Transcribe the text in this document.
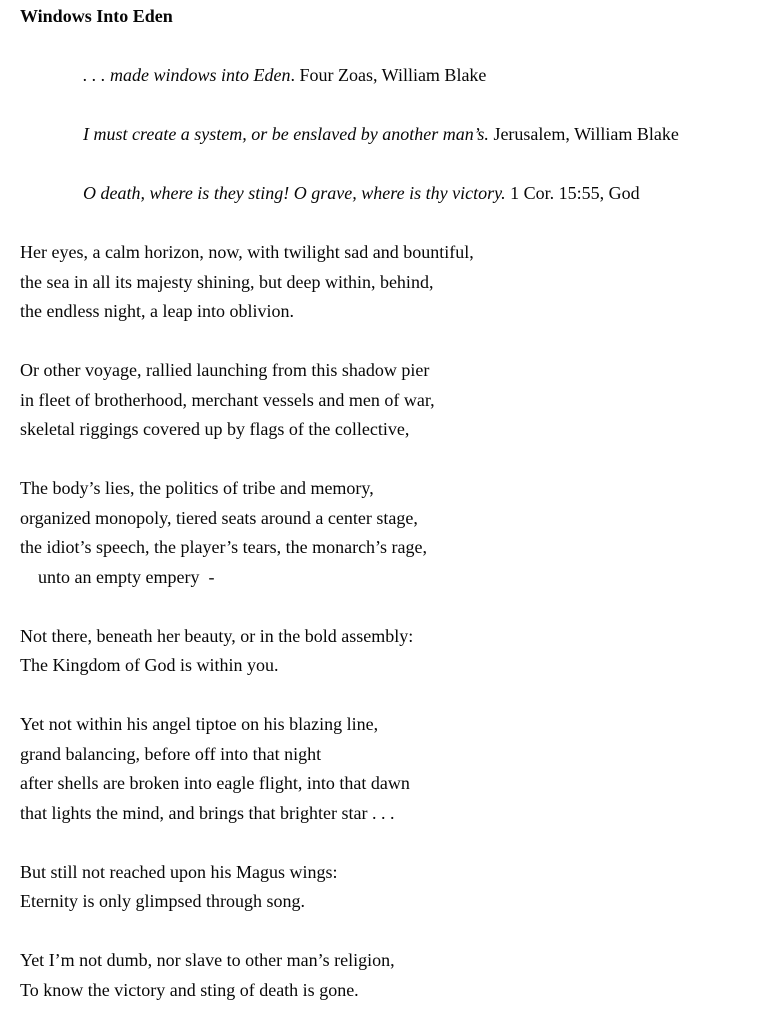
Windows Into Eden

. . . made windows into Eden. Four Zoas, William Blake

I must create a system, or be enslaved by another man’s. Jerusalem, William Blake

O death, where is they sting! O grave, where is thy victory. 1 Cor. 15:55, God

Her eyes, a calm horizon, now, with twilight sad and bountiful,

the sea in all its majesty shining, but deep within, behind,

the endless night, a leap into oblivion.

Or other voyage, rallied launching from this shadow pier

in fleet of brotherhood, merchant vessels and men of war,

skeletal riggings covered up by flags of the collective,

The body’s lies, the politics of tribe and memory,

organized monopoly, tiered seats around a center stage,

the idiot’s speech, the player’s tears, the monarch’s rage,

unto an empty empery  -

Not there, beneath her beauty, or in the bold assembly:

The Kingdom of God is within you.

Yet not within his angel tiptoe on his blazing line,

grand balancing, before off into that night

after shells are broken into eagle flight, into that dawn

that lights the mind, and brings that brighter star . . .

But still not reached upon his Magus wings:

Eternity is only glimpsed through song.

Yet I’m not dumb, nor slave to other man’s religion,

To know the victory and sting of death is gone.
